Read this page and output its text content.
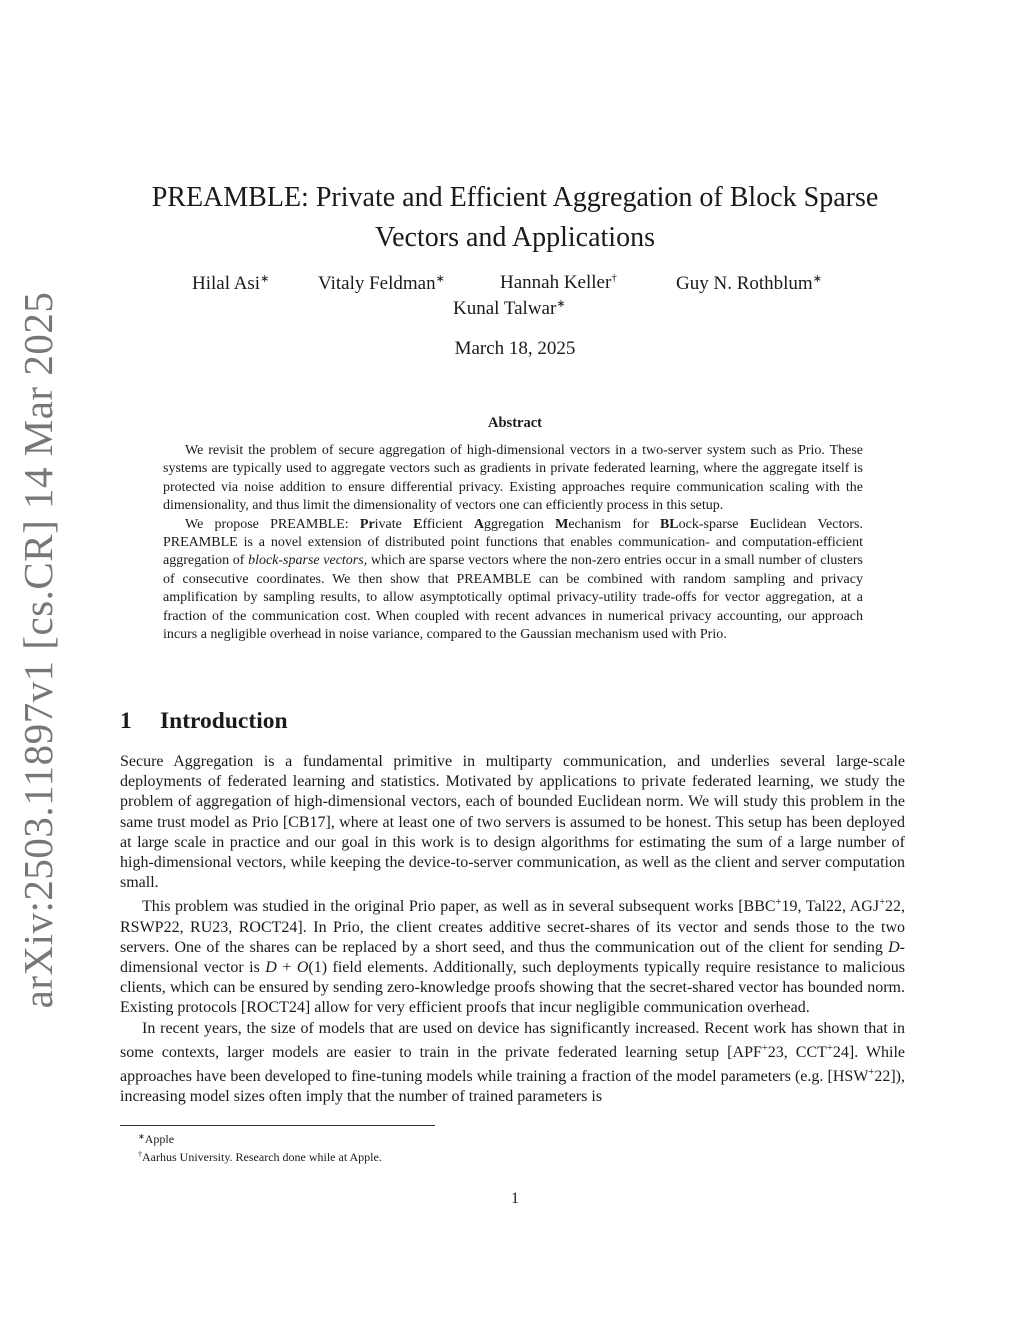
arXiv:2503.11897v1 [cs.CR] 14 Mar 2025
PREAMBLE: Private and Efficient Aggregation of Block Sparse
Vectors and Applications
Hilal Asi∗	Vitaly Feldman∗	Hannah Keller†	Guy N. Rothblum∗
Kunal Talwar∗
March 18, 2025
Abstract

We revisit the problem of secure aggregation of high-dimensional vectors in a two-server system such as Prio. These systems are typically used to aggregate vectors such as gradients in private federated learning, where the aggregate itself is protected via noise addition to ensure differential privacy. Existing approaches require communication scaling with the dimensionality, and thus limit the dimensionality of vectors one can efficiently process in this setup.

We propose PREAMBLE: Private Efficient Aggregation Mechanism for BLock-sparse Euclidean Vectors. PREAMBLE is a novel extension of distributed point functions that enables communication- and computation-efficient aggregation of block-sparse vectors, which are sparse vectors where the non-zero entries occur in a small number of clusters of consecutive coordinates. We then show that PREAMBLE can be combined with random sampling and privacy amplification by sampling results, to allow asymptotically optimal privacy-utility trade-offs for vector aggregation, at a fraction of the communication cost. When coupled with recent advances in numerical privacy accounting, our approach incurs a negligible overhead in noise variance, compared to the Gaussian mechanism used with Prio.

1 Introduction

Secure Aggregation is a fundamental primitive in multiparty communication, and underlies several large-scale deployments of federated learning and statistics. Motivated by applications to private federated learning, we study the problem of aggregation of high-dimensional vectors, each of bounded Euclidean norm. We will study this problem in the same trust model as Prio [CB17], where at least one of two servers is assumed to be honest. This setup has been deployed at large scale in practice and our goal in this work is to design algorithms for estimating the sum of a large number of high-dimensional vectors, while keeping the device-to-server communication, as well as the client and server computation small.

This problem was studied in the original Prio paper, as well as in several subsequent works [BBC+19, Tal22, AGJ+22, RSWP22, RU23, ROCT24]. In Prio, the client creates additive secret-shares of its vector and sends those to the two servers. One of the shares can be replaced by a short seed, and thus the communication out of the client for sending D-dimensional vector is D + O(1) field elements. Additionally, such deployments typically require resistance to malicious clients, which can be ensured by sending zero-knowledge proofs showing that the secret-shared vector has bounded norm. Existing protocols [ROCT24] allow for very efficient proofs that incur negligible communication overhead.

In recent years, the size of models that are used on device has significantly increased. Recent work has shown that in some contexts, larger models are easier to train in the private federated learning setup [APF+23, CCT+24]. While approaches have been developed to fine-tuning models while training a fraction of the model parameters (e.g. [HSW+22]), increasing model sizes often imply that the number of trained parameters is

∗Apple
†Aarhus University. Research done while at Apple.
1
